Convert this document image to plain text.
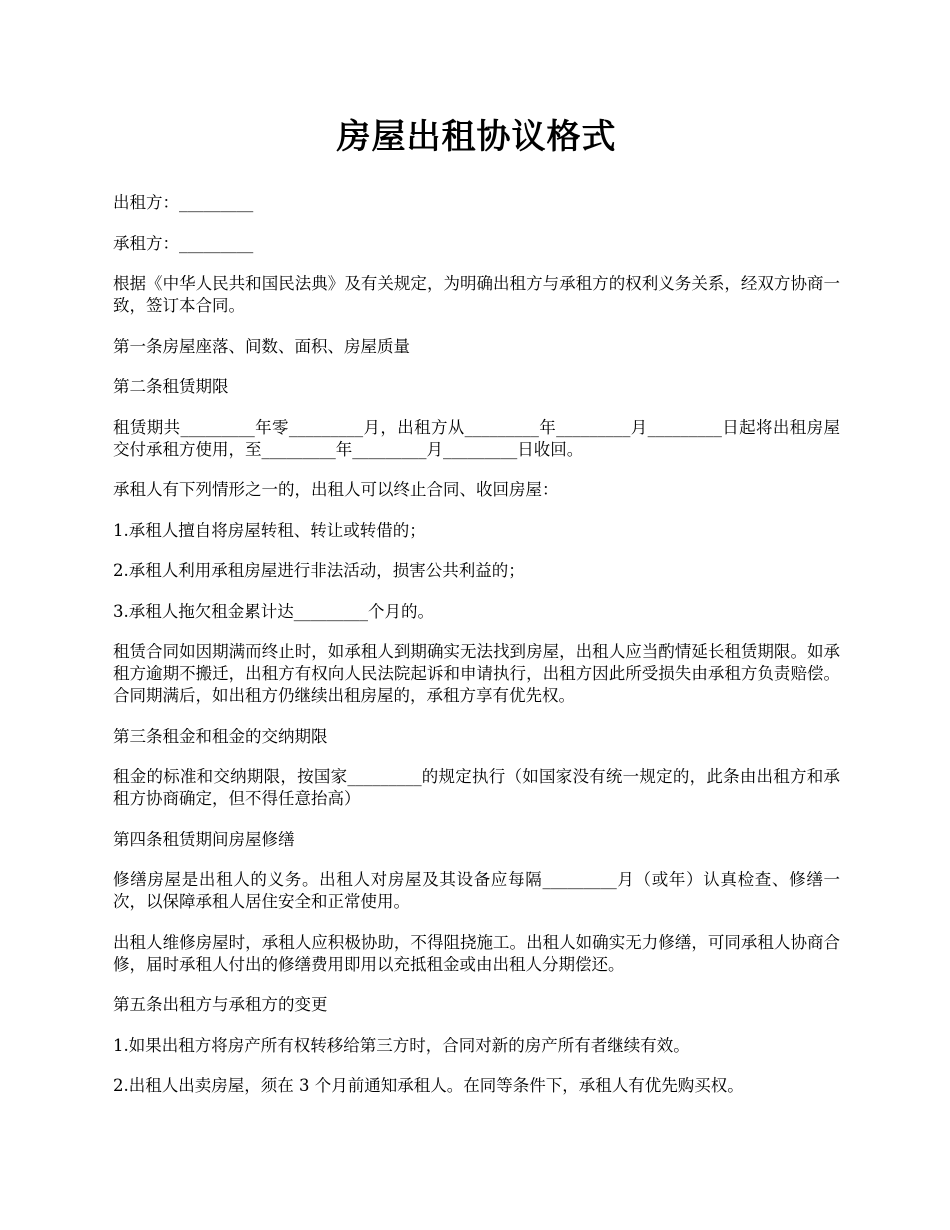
房屋出租协议格式

出租方：_________

承租方：_________

根据《中华人民共和国民法典》及有关规定，为明确出租方与承租方的权利义务关系，经双方协商一致，签订本合同。

第一条房屋座落、间数、面积、房屋质量

第二条租赁期限

租赁期共_________年零_________月，出租方从_________年_________月_________日起将出租房屋交付承租方使用，至_________年_________月_________日收回。

承租人有下列情形之一的，出租人可以终止合同、收回房屋：

1.承租人擅自将房屋转租、转让或转借的；

2.承租人利用承租房屋进行非法活动，损害公共利益的；

3.承租人拖欠租金累计达_________个月的。

租赁合同如因期满而终止时，如承租人到期确实无法找到房屋，出租人应当酌情延长租赁期限。如承租方逾期不搬迁，出租方有权向人民法院起诉和申请执行，出租方因此所受损失由承租方负责赔偿。合同期满后，如出租方仍继续出租房屋的，承租方享有优先权。

第三条租金和租金的交纳期限

租金的标准和交纳期限，按国家_________的规定执行（如国家没有统一规定的，此条由出租方和承租方协商确定，但不得任意抬高）

第四条租赁期间房屋修缮

修缮房屋是出租人的义务。出租人对房屋及其设备应每隔_________月（或年）认真检查、修缮一次，以保障承租人居住安全和正常使用。

出租人维修房屋时，承租人应积极协助，不得阻挠施工。出租人如确实无力修缮，可同承租人协商合修，届时承租人付出的修缮费用即用以充抵租金或由出租人分期偿还。

第五条出租方与承租方的变更

1.如果出租方将房产所有权转移给第三方时，合同对新的房产所有者继续有效。

2.出租人出卖房屋，须在 3 个月前通知承租人。在同等条件下，承租人有优先购买权。
